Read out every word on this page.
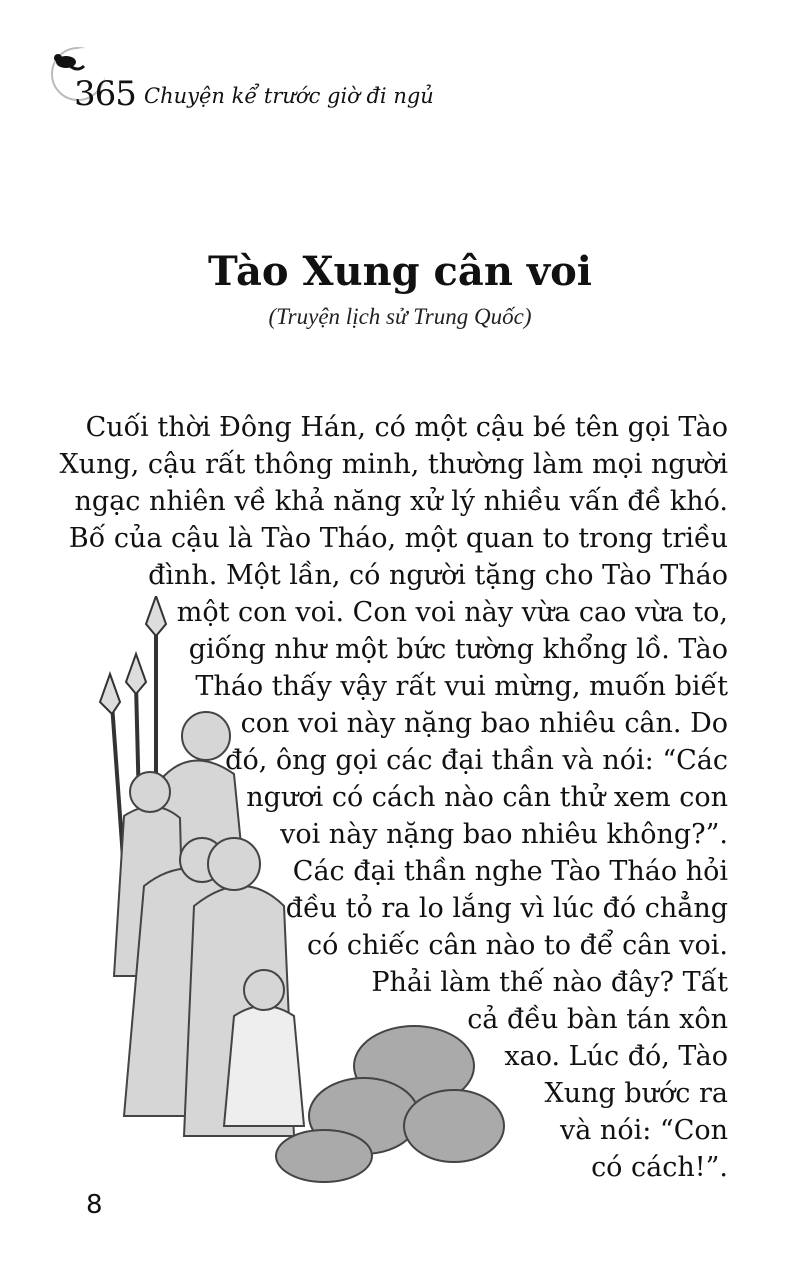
365 Chuyện kể trước giờ đi ngủ
Tào Xung cân voi
(Truyện lịch sử Trung Quốc)
Cuối thời Đông Hán, có một cậu bé tên gọi Tào
Xung, cậu rất thông minh, thường làm mọi người
ngạc nhiên về khả năng xử lý nhiều vấn đề khó.
Bố của cậu là Tào Tháo, một quan to trong triều
đình. Một lần, có người tặng cho Tào Tháo
một con voi. Con voi này vừa cao vừa to,
giống như một bức tường khổng lồ. Tào
Tháo thấy vậy rất vui mừng, muốn biết
con voi này nặng bao nhiêu cân. Do
đó, ông gọi các đại thần và nói: “Các
ngươi có cách nào cân thử xem con
voi này nặng bao nhiêu không?”.
Các đại thần nghe Tào Tháo hỏi
đều tỏ ra lo lắng vì lúc đó chẳng
có chiếc cân nào to để cân voi.
Phải làm thế nào đây? Tất
cả đều bàn tán xôn
xao. Lúc đó, Tào
Xung bước ra
và nói: “Con
có cách!”.
8
